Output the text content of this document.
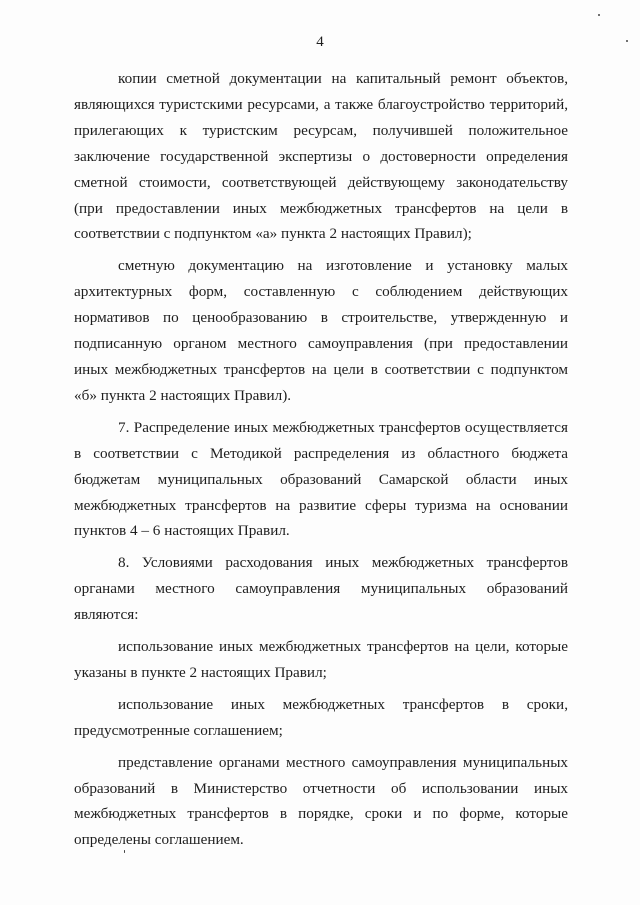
4

копии сметной документации на капитальный ремонт объектов, являющихся туристскими ресурсами, а также благоустройство территорий, прилегающих к туристским ресурсам, получившей положительное заключение государственной экспертизы о достоверности определения сметной стоимости, соответствующей действующему законодательству (при предоставлении иных межбюджетных трансфертов на цели в соответствии с подпунктом «а» пункта 2 настоящих Правил);

сметную документацию на изготовление и установку малых архитектурных форм, составленную с соблюдением действующих нормативов по ценообразованию в строительстве, утвержденную и подписанную органом местного самоуправления (при предоставлении иных межбюджетных трансфертов на цели в соответствии с подпунктом «б» пункта 2 настоящих Правил).

7. Распределение иных межбюджетных трансфертов осуществляется в соответствии с Методикой распределения из областного бюджета бюджетам муниципальных образований Самарской области иных межбюджетных трансфертов на развитие сферы туризма на основании пунктов 4 – 6 настоящих Правил.

8. Условиями расходования иных межбюджетных трансфертов органами местного самоуправления муниципальных образований являются:

использование иных межбюджетных трансфертов на цели, которые указаны в пункте 2 настоящих Правил;

использование иных межбюджетных трансфертов в сроки, предусмотренные соглашением;

представление органами местного самоуправления муниципальных образований в Министерство отчетности об использовании иных межбюджетных трансфертов в порядке, сроки и по форме, которые определены соглашением.
